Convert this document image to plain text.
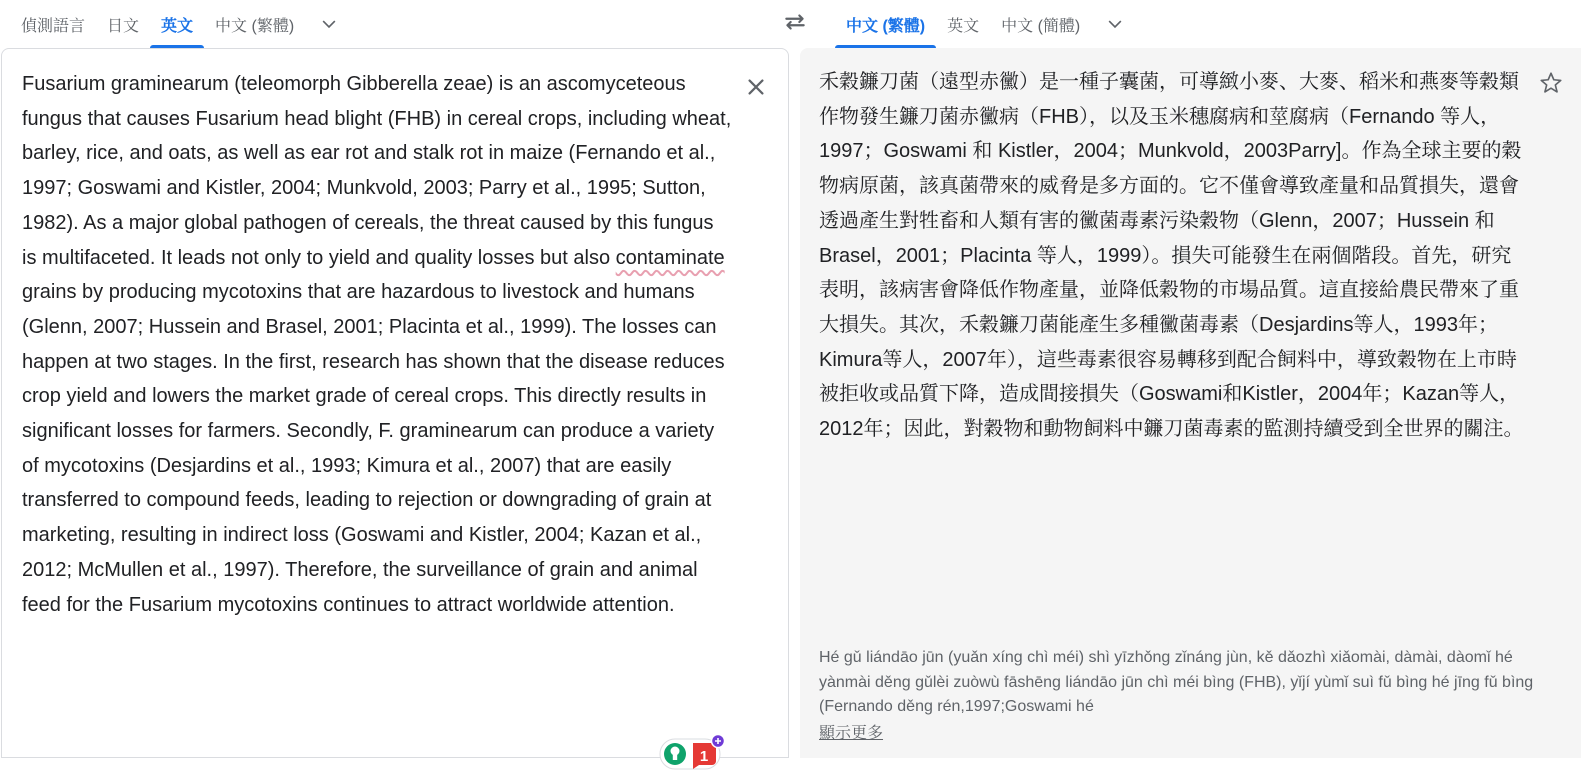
偵測語言	日文	英文	中文 (繁體)	中文 (繁體)	英文	中文 (簡體)
Fusarium graminearum (teleomorph Gibberella zeae) is an ascomyceteous fungus that causes Fusarium head blight (FHB) in cereal crops, including wheat, barley, rice, and oats, as well as ear rot and stalk rot in maize (Fernando et al., 1997; Goswami and Kistler, 2004; Munkvold, 2003; Parry et al., 1995; Sutton, 1982). As a major global pathogen of cereals, the threat caused by this fungus is multifaceted. It leads not only to yield and quality losses but also contaminate grains by producing mycotoxins that are hazardous to livestock and humans (Glenn, 2007; Hussein and Brasel, 2001; Placinta et al., 1999). The losses can happen at two stages. In the first, research has shown that the disease reduces crop yield and lowers the market grade of cereal crops. This directly results in significant losses for farmers. Secondly, F. graminearum can produce a variety of mycotoxins (Desjardins et al., 1993; Kimura et al., 2007) that are easily transferred to compound feeds, leading to rejection or downgrading of grain at marketing, resulting in indirect loss (Goswami and Kistler, 2004; Kazan et al., 2012; McMullen et al., 1997). Therefore, the surveillance of grain and animal feed for the Fusarium mycotoxins continues to attract worldwide attention.
1
禾穀鐮刀菌（遠型赤黴）是一種子囊菌，可導緻小麥、大麥、稻米和燕麥等穀類作物發生鐮刀菌赤黴病（FHB），以及玉米穗腐病和莖腐病（Fernando 等人，1997；Goswami 和 Kistler，2004；Munkvold，2003Parry]。作為全球主要的穀物病原菌，該真菌帶來的威脅是多方面的。它不僅會導致產量和品質損失，還會透過產生對牲畜和人類有害的黴菌毒素污染穀物（Glenn，2007；Hussein 和 Brasel，2001；Placinta 等人，1999）。損失可能發生在兩個階段。首先，研究表明，該病害會降低作物產量，並降低穀物的市場品質。這直接給農民帶來了重大損失。其次，禾穀鐮刀菌能產生多種黴菌毒素（Desjardins等人，1993年；Kimura等人，2007年），這些毒素很容易轉移到配合飼料中，導致穀物在上市時被拒收或品質下降，造成間接損失（Goswami和Kistler，2004年；Kazan等人，2012年；因此，對穀物和動物飼料中鐮刀菌毒素的監測持續受到全世界的關注。
Hé gǔ liándāo jūn (yuǎn xíng chì méi) shì yīzhǒng zǐnáng jùn, kě dǎozhì xiǎomài, dàmài, dàomǐ hé yànmài děng gǔlèi zuòwù fāshēng liándāo jūn chì méi bìng (FHB), yǐjí yùmǐ suì fǔ bìng hé jīng fǔ bìng (Fernando děng rén,1997;Goswami hé
顯示更多
